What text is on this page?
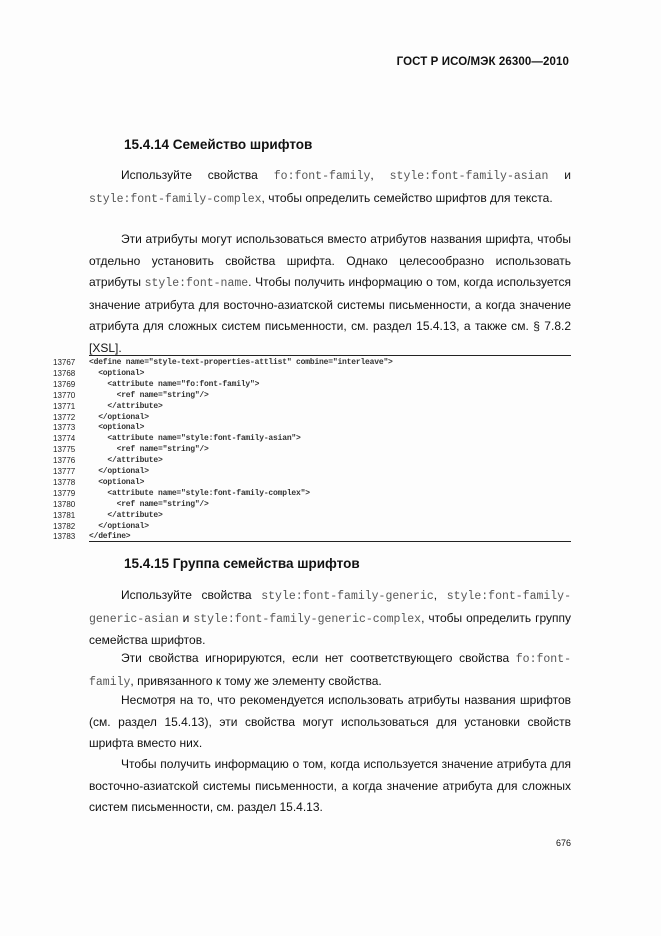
ГОСТ Р ИСО/МЭК 26300—2010
15.4.14 Семейство шрифтов

Используйте свойства fo:font-family, style:font-family-asian и style:font-family-complex, чтобы определить семейство шрифтов для текста.

Эти атрибуты могут использоваться вместо атрибутов названия шрифта, чтобы отдельно установить свойства шрифта. Однако целесообразно использовать атрибуты style:font-name. Чтобы получить информацию о том, когда используется значение атрибута для восточно-азиатской системы письменности, а когда значение атрибута для сложных систем письменности, см. раздел 15.4.13, а также см. § 7.8.2 [XSL].

13767	<define name="style-text-properties-attlist" combine="interleave">
13768	<optional>
13769	<attribute name="fo:font-family">
13770	<ref name="string"/>
13771	</attribute>
13772	</optional>
13773	<optional>
13774	<attribute name="style:font-family-asian">
13775	<ref name="string"/>
13776	</attribute>
13777	</optional>
13778	<optional>
13779	<attribute name="style:font-family-complex">
13780	<ref name="string"/>
13781	</attribute>
13782	</optional>
13783	</define>
15.4.15 Группа семейства шрифтов

Используйте свойства style:font-family-generic, style:font-family-generic-asian и style:font-family-generic-complex, чтобы определить группу семейства шрифтов.

Эти свойства игнорируются, если нет соответствующего свойства fo:font-family, привязанного к тому же элементу свойства.

Несмотря на то, что рекомендуется использовать атрибуты названия шрифтов (см. раздел 15.4.13), эти свойства могут использоваться для установки свойств шрифта вместо них.

Чтобы получить информацию о том, когда используется значение атрибута для восточно-азиатской системы письменности, а когда значение атрибута для сложных систем письменности, см. раздел 15.4.13.

676
